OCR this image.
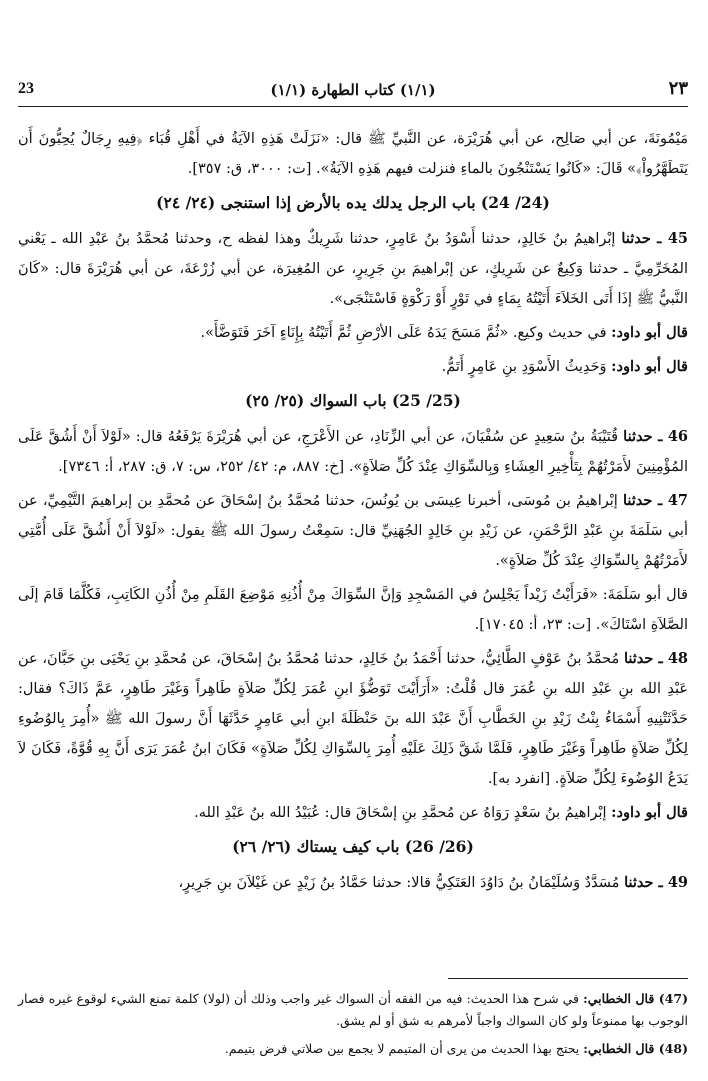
23	(١/١) كتاب الطهارة (١/١)	٢٣

مَيْمُونَةَ، عن أبي صَالِح، عن أبي هُرَيْرَة، عن النَّبيِّ ﷺ قال: «نَزَلَتْ هَذِهِ الآيَةُ في أَهْلِ قُبَاء ﴿فِيهِ رِجَالٌ يُحِبُّونَ أَن يَتَطَهَّرُواْ﴾» قَالَ: «كَانُوا يَسْتَنْجُونَ بالماءِ فنزلت فيهم هَذِهِ الآيَةُ». [ت: ٣٠٠٠، ق: ٣٥٧].

(24/ 24) باب الرجل يدلك يده بالأرض إذا استنجى (٢٤/ ٢٤)

45 ـ حدثنا إبْراهيمُ بنُ خَالِدٍ، حدثنا أَسْوَدُ بنُ عَامِرٍ، حدثنا شَرِيكٌ وهذا لفظه ح، وحدثنا مُحمَّدُ بنُ عَبْدِ الله ـ يَعْني المُخَرِّمِيَّ ـ حدثنا وَكِيعٌ عن شَرِيكٍ، عن إبْراهيمَ بنِ جَرِيرٍ، عن المُغِيرَة، عن أبي زُرْعَةَ، عن أبي هُرَيْرَةَ قال: «كَانَ النَّبيُّ ﷺ إذَا أَتَى الخَلاَءَ أَتَيْتُهُ بِمَاءٍ في تَوْرٍ أَوْ رَكْوَةٍ فَاسْتَنْجَى».

قال أبو داود: في حديث وكيع. «ثُمَّ مَسَحَ يَدَهُ عَلَى الأرْضِ ثُمَّ أَتَيْتُهُ بِإِنَاءٍ آخَرَ فَتَوَضَّأَ».

قال أبو داود: وَحَدِيثُ الأَسْوَدِ بنِ عَامِرٍ أَتَمُّ.

(25/ 25) باب السواك (٢٥/ ٢٥)

46 ـ حدثنا قُتَيْبَةُ بنُ سَعِيدٍ عن سُفْيَانَ، عن أبي الزِّنَادِ، عن الأَعْرَجِ، عن أبي هُرَيْرَةَ يَرْفَعُهُ قال: «لَوْلاَ أَنْ أَشُقَّ عَلَى المُؤْمِنِينَ لأَمَرْتُهُمْ بِتَأْخِيرِ العِشَاءِ وَبِالسِّوَاكِ عِنْدَ كُلِّ صَلاَةٍ». [خ: ٨٨٧، م: ٤٢/ ٢٥٢، س: ٧، ق: ٢٨٧، أ: ٧٣٤٦].

47 ـ حدثنا إبْراهيمُ بن مُوسَى، أخبرنا عِيسَى بن يُونُسَ، حدثنا مُحمَّدُ بنُ إسْحَاقَ عن مُحمَّدِ بن إبراهيمَ التَّيْمِيِّ، عن أبي سَلَمَةَ بنِ عَبْدِ الرَّحْمَنِ، عن زَيْدِ بنِ خَالِدٍ الجُهَنِيِّ قال: سَمِعْتُ رسولَ الله ﷺ يقول: «لَوْلاَ أَنْ أَشُقَّ عَلَى أُمَّتِي لأَمَرْتُهُمْ بِالسِّوَاكِ عِنْدَ كُلِّ صَلاَةٍ».

قال أبو سَلَمَةَ: «فَرَأَيْتُ زَيْداً يَجْلِسُ في المَسْجِدِ وَإنَّ السِّوَاكَ مِنْ أُذُنِهِ مَوْضِعَ القَلَمِ مِنْ أُذُنِ الكَاتِبِ، فَكُلَّمَا قَامَ إلَى الصَّلاَةِ اسْتَاكَ». [ت: ٢٣، أ: ١٧٠٤٥].

48 ـ حدثنا مُحمَّدُ بنُ عَوْفٍ الطَّائِيُّ، حدثنا أَحْمَدُ بنُ خَالِدٍ، حدثنا مُحمَّدُ بنُ إسْحَاقَ، عن مُحمَّدِ بنِ يَحْيَى بنِ حَبَّانَ، عن عَبْدِ الله بنِ عَبْدِ الله بنِ عُمَرَ قال قُلْتُ: «أَرَأَيْتَ تَوَضُّؤَ ابنِ عُمَرَ لِكُلِّ صَلاَةٍ طَاهِراً وَغَيْرَ طَاهِرٍ، عَمَّ ذَاكَ؟ فقال: حَدَّثَتْنِيهِ أَسْمَاءُ بِنْتُ زَيْدِ بنِ الخَطَّابِ أَنَّ عَبْدَ الله بنَ حَنْظَلَةَ ابنِ أبي عَامِرٍ حَدَّثَهَا أَنَّ رسولَ الله ﷺ «أُمِرَ بِالوُضُوءِ لِكُلِّ صَلاَةٍ طَاهِراً وَغَيْرَ طَاهِرٍ، فَلَمَّا شَقَّ ذَلِكَ عَلَيْهِ أُمِرَ بِالسِّوَاكِ لِكُلِّ صَلاَةٍ» فَكَانَ ابنُ عُمَرَ يَرَى أَنَّ بِهِ قُوَّةً، فَكَانَ لاَ يَدَعُ الوُضُوءَ لِكُلِّ صَلاَةٍ. [انفرد به].

قال أبو داود: إبْراهيمُ بنُ سَعْدٍ رَوَاهُ عن مُحمَّدِ بنِ إسْحَاقَ قال: عُبَيْدُ الله بنُ عَبْدِ الله.

(26/ 26) باب كيف يستاك (٢٦/ ٢٦)

49 ـ حدثنا مُسَدَّدٌ وَسُلَيْمَانُ بنُ دَاوُدَ العَتَكِيُّ قالا: حدثنا حَمَّادُ بنُ زَيْدٍ عن غَيْلاَنَ بنِ جَرِيرٍ،

(47) قال الخطابي: في شرح هذا الحديث: فيه من الفقه أن السواك غير واجب وذلك أن (لولا) كلمة تمنع الشيء لوقوع غيره فصار الوجوب بها ممنوعاً ولو كان السواك واجباً لأمرهم به شق أو لم يشق.

(48) قال الخطابي: يحتج بهذا الحديث من يرى أن المتيمم لا يجمع بين صلاتي فرض بتيمم.
